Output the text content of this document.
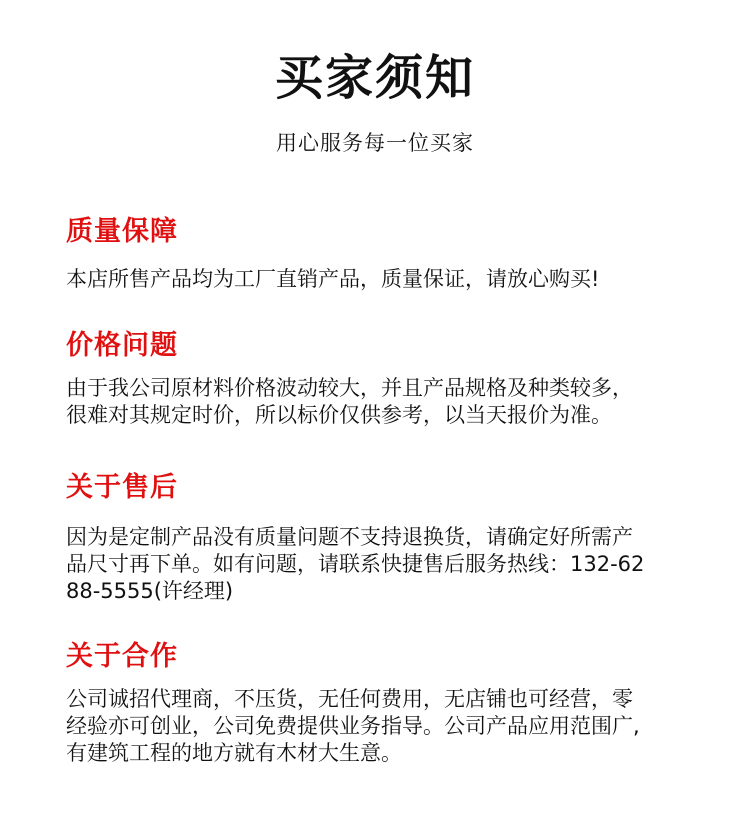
买家须知
用心服务每一位买家
质量保障
本店所售产品均为工厂直销产品，质量保证，请放心购买!
价格问题
由于我公司原材料价格波动较大，并且产品规格及种类较多，
很难对其规定时价，所以标价仅供参考，以当天报价为准。
关于售后
因为是定制产品没有质量问题不支持退换货，请确定好所需产
品尺寸再下单。如有问题，请联系快捷售后服务热线：132-62
88-5555(许经理)
关于合作
公司诚招代理商，不压货，无任何费用，无店铺也可经营，零
经验亦可创业，公司免费提供业务指导。公司产品应用范围广,
有建筑工程的地方就有木材大生意。
